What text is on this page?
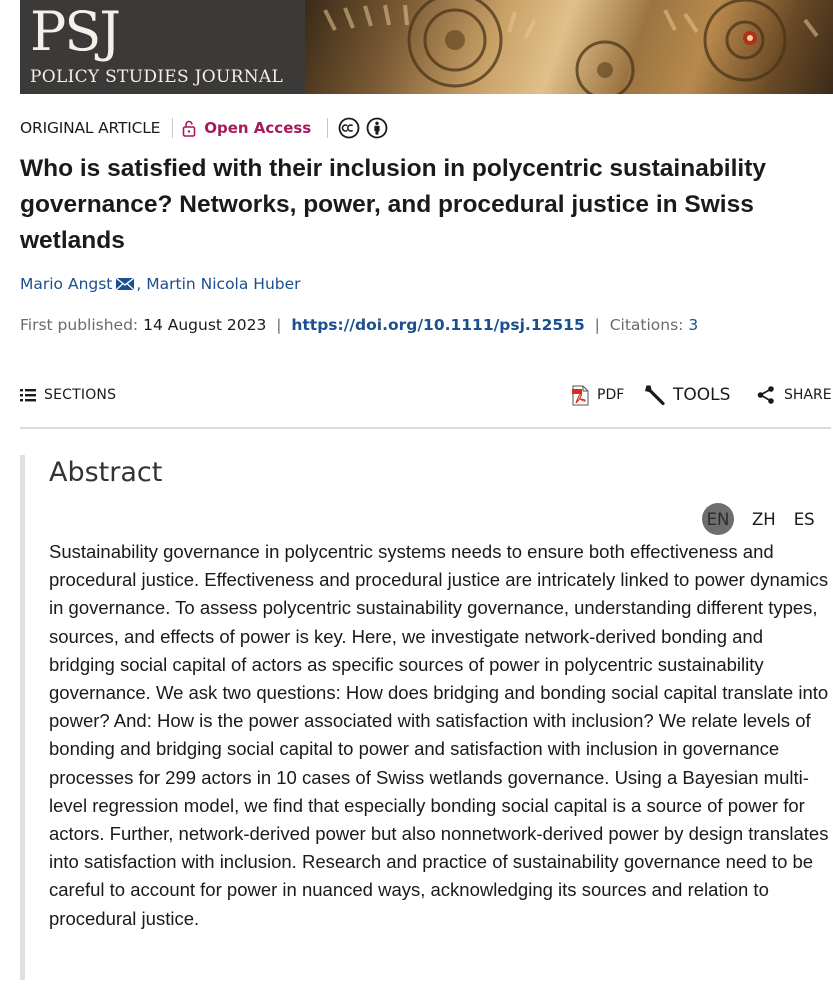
PSJ
POLICY STUDIES JOURNAL
ORIGINAL ARTICLE	Open Access
Who is satisfied with their inclusion in polycentric sustainability governance? Networks, power, and procedural justice in Swiss wetlands
Mario Angst ,
Martin Nicola Huber
First published: 14 August 2023  |  https://doi.org/10.1111/psj.12515  |  Citations: 3
SECTIONS	PDF	TOOLS	SHARE
Abstract
EN ZH ES

Sustainability governance in polycentric systems needs to ensure both effectiveness and procedural justice. Effectiveness and procedural justice are intricately linked to power dynamics in governance. To assess polycentric sustainability governance, understanding different types, sources, and effects of power is key. Here, we investigate network-derived bonding and bridging social capital of actors as specific sources of power in polycentric sustainability governance. We ask two questions: How does bridging and bonding social capital translate into power? And: How is the power associated with satisfaction with inclusion? We relate levels of bonding and bridging social capital to power and satisfaction with inclusion in governance processes for 299 actors in 10 cases of Swiss wetlands governance. Using a Bayesian multi-level regression model, we find that especially bonding social capital is a source of power for actors. Further, network-derived power but also nonnetwork-derived power by design translates into satisfaction with inclusion. Research and practice of sustainability governance need to be careful to account for power in nuanced ways, acknowledging its sources and relation to procedural justice.
